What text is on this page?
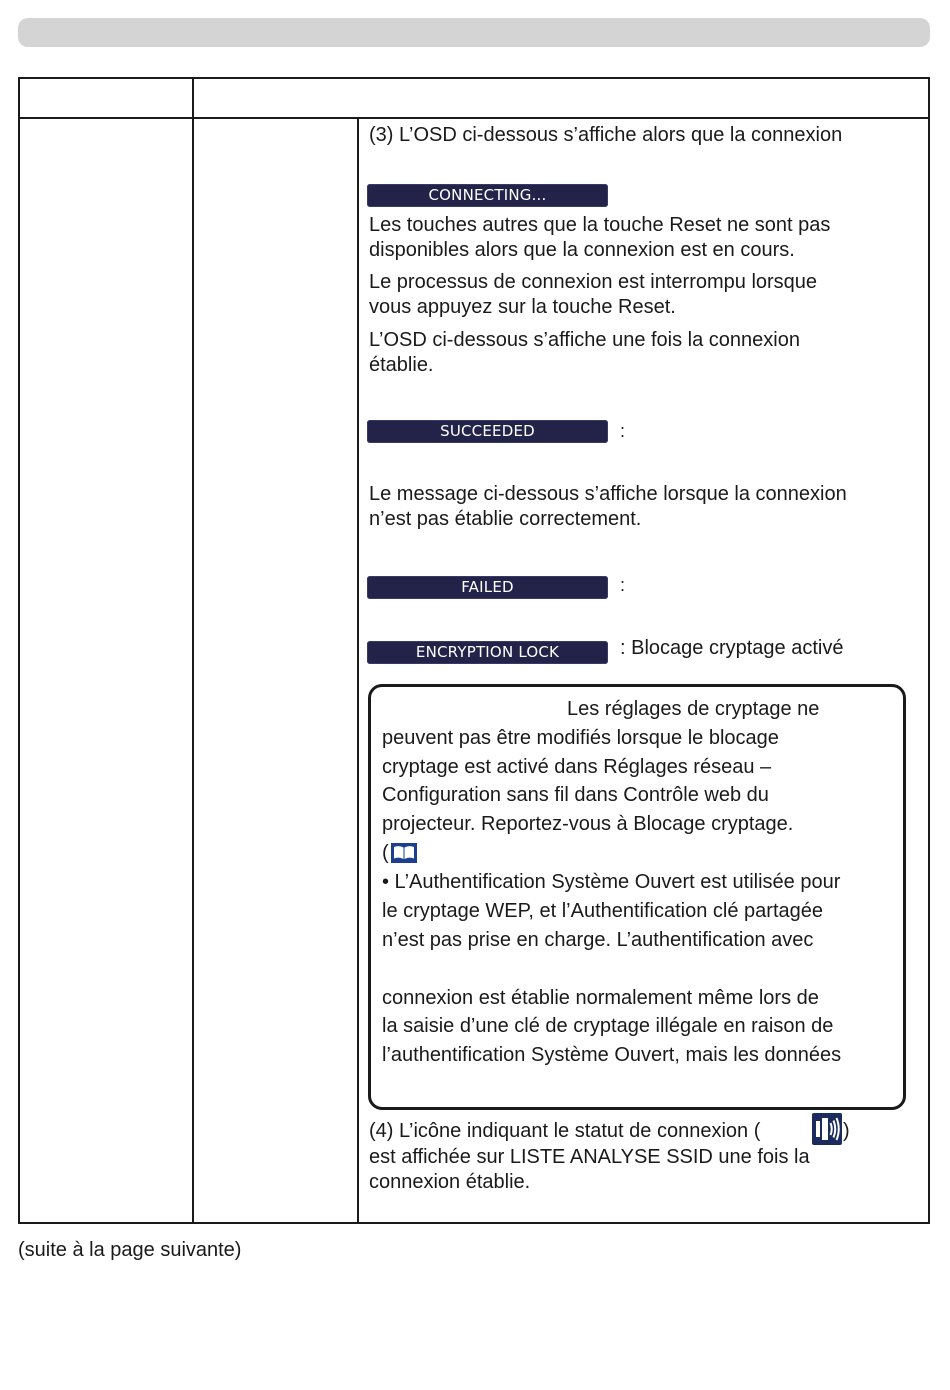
(3) L’OSD ci-dessous s’affiche alors que la connexion

CONNECTING...

Les touches autres que la touche Reset ne sont pas
disponibles alors que la connexion est en cours.

Le processus de connexion est interrompu lorsque
vous appuyez sur la touche Reset.

L’OSD ci-dessous s’affiche une fois la connexion
établie.

SUCCEEDED	:

Le message ci-dessous s’affiche lorsque la connexion
n’est pas établie correctement.

FAILED	:
ENCRYPTION LOCK	: Blocage cryptage activé
Les réglages de cryptage ne
peuvent pas être modifiés lorsque le blocage
cryptage est activé dans Réglages réseau –
Configuration sans fil dans Contrôle web du
projecteur. Reportez-vous à Blocage cryptage.
(
• L’Authentification Système Ouvert est utilisée pour
le cryptage WEP, et l’Authentification clé partagée
n’est pas prise en charge. L’authentification avec
connexion est établie normalement même lors de
la saisie d’une clé de cryptage illégale en raison de
l’authentification Système Ouvert, mais les données
(4) L’icône indiquant le statut de connexion (	)

est affichée sur LISTE ANALYSE SSID une fois la
connexion établie.

(suite à la page suivante)
